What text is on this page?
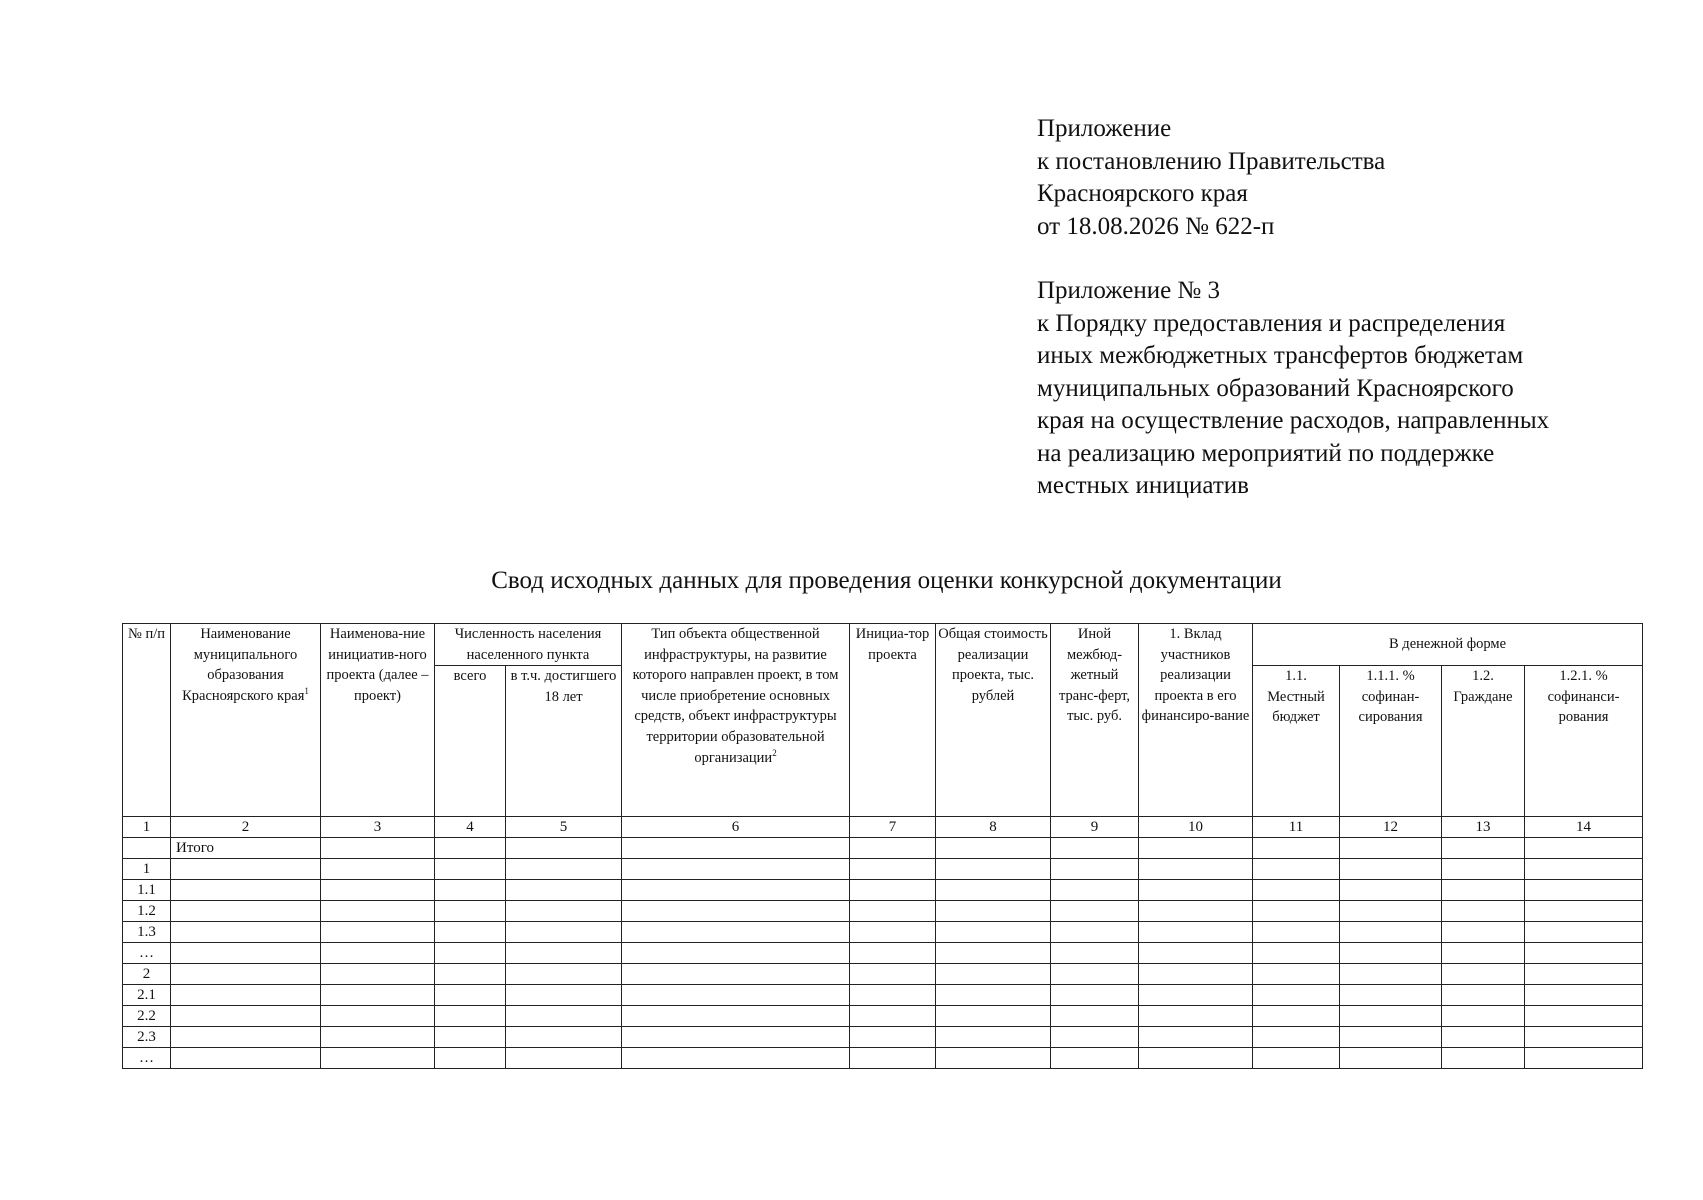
Приложение
к постановлению Правительства
Красноярского края
от 18.08.2026 № 622-п
Приложение № 3
к Порядку предоставления и распределения
иных межбюджетных трансфертов бюджетам
муниципальных образований Красноярского
края на осуществление расходов, направленных
на реализацию мероприятий по поддержке
местных инициатив
Свод исходных данных для проведения оценки конкурсной документации
№ п/п	Наименование муниципального образования Красноярского края$^1$	Наименова-ние инициатив-ного проекта (далее – проект)	Численность населения населенного пункта		Тип объекта общественной инфраструктуры, на развитие которого направлен проект, в том числе приобретение основных средств, объект инфраструктуры территории образовательной организации$^2$	Инициа-тор проекта	Общая стоимость реализации проекта, тыс. рублей	Иной межбюд-жетный транс-ферт, тыс. руб.	1. Вклад участников реализации проекта в его финансиро-вание	В денежной форме			
			всего	в т.ч. достигшего 18 лет						1.1. Местный бюджет	1.1.1. % софинан-сирования	1.2. Граждане	1.2.1. % софинанси-рования
1	2	3	4	5	6	7	8	9	10	11	12	13	14
	Итого												
1													
1.1													
1.2													
1.3													
…													
2													
2.1													
2.2													
2.3													
…													
